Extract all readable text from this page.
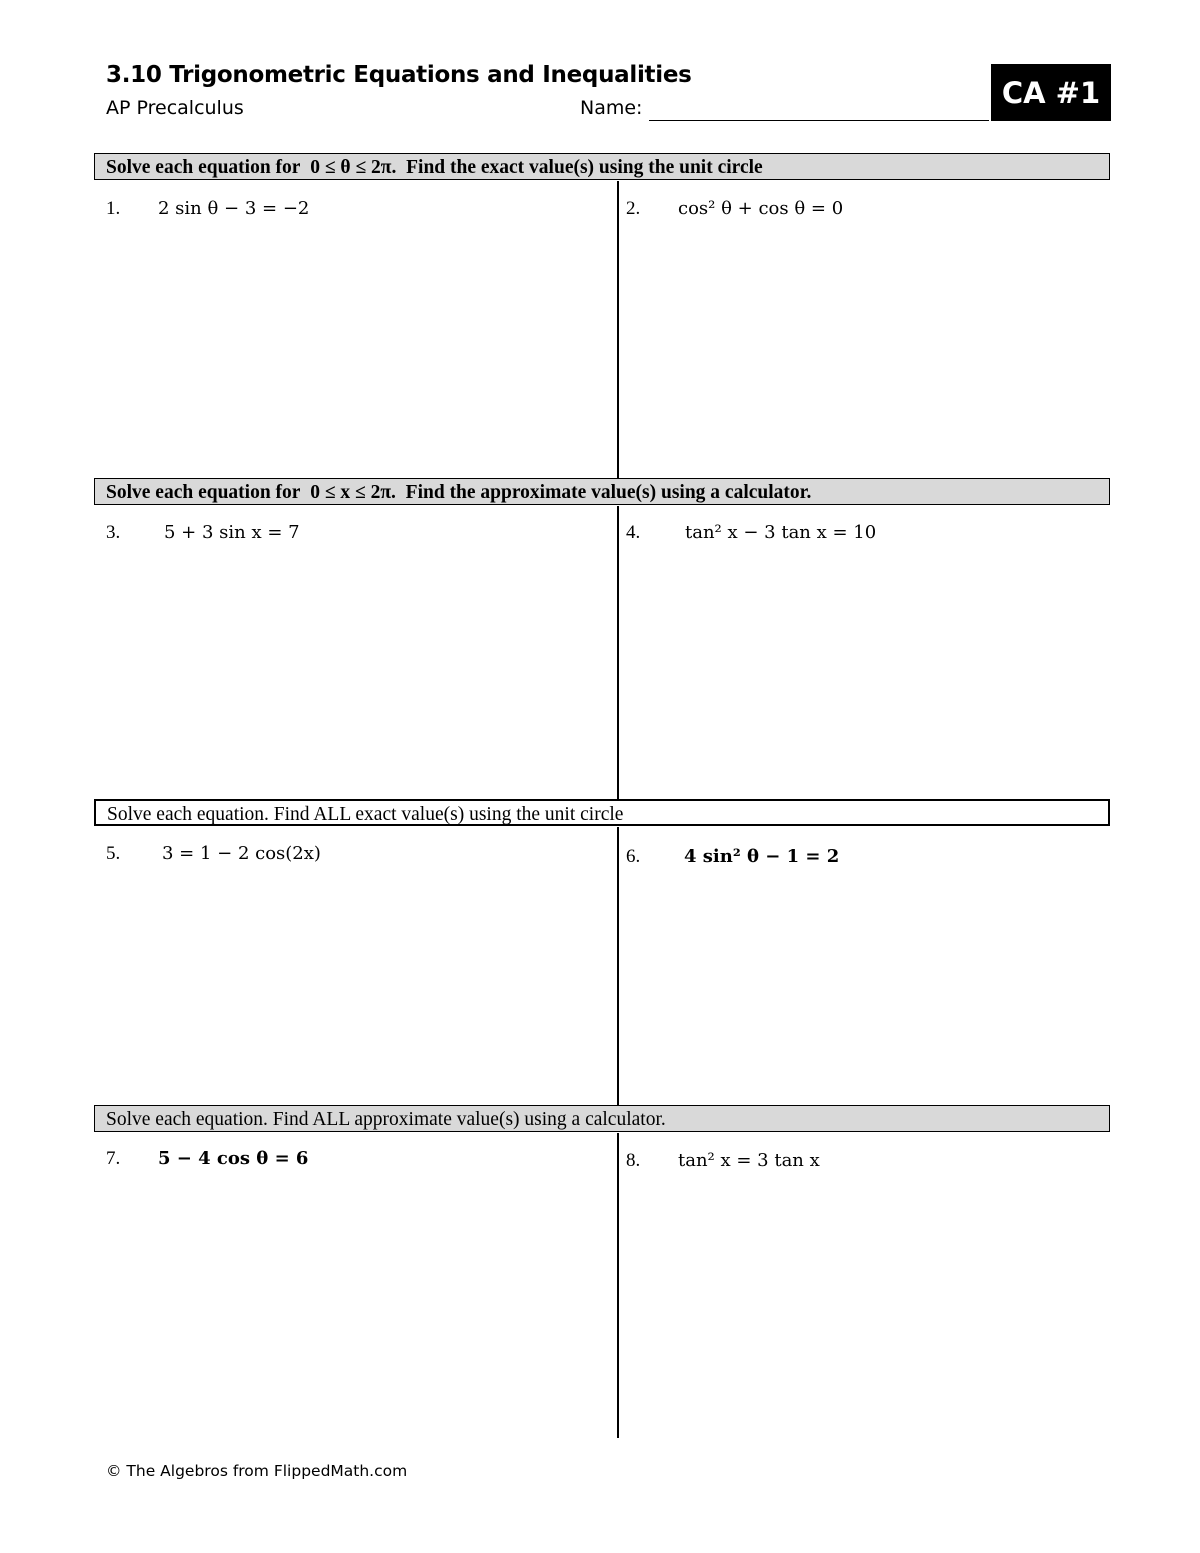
3.10 Trigonometric Equations and Inequalities
AP Precalculus	Name:	CA #1
Solve each equation for 0 ≤ θ ≤ 2π. Find the exact value(s) using the unit circle
1. 2 sin θ − 3 = −2	2. cos² θ + cos θ = 0
Solve each equation for 0 ≤ x ≤ 2π. Find the approximate value(s) using a calculator.
3. 5 + 3 sin x = 7	4. tan² x − 3 tan x = 10
Solve each equation. Find ALL exact value(s) using the unit circle
5. 3 = 1 − 2 cos(2x)	6. 4 sin² θ − 1 = 2
Solve each equation. Find ALL approximate value(s) using a calculator.
7. 5 − 4 cos θ = 6	8. tan² x = 3 tan x
© The Algebros from FlippedMath.com
